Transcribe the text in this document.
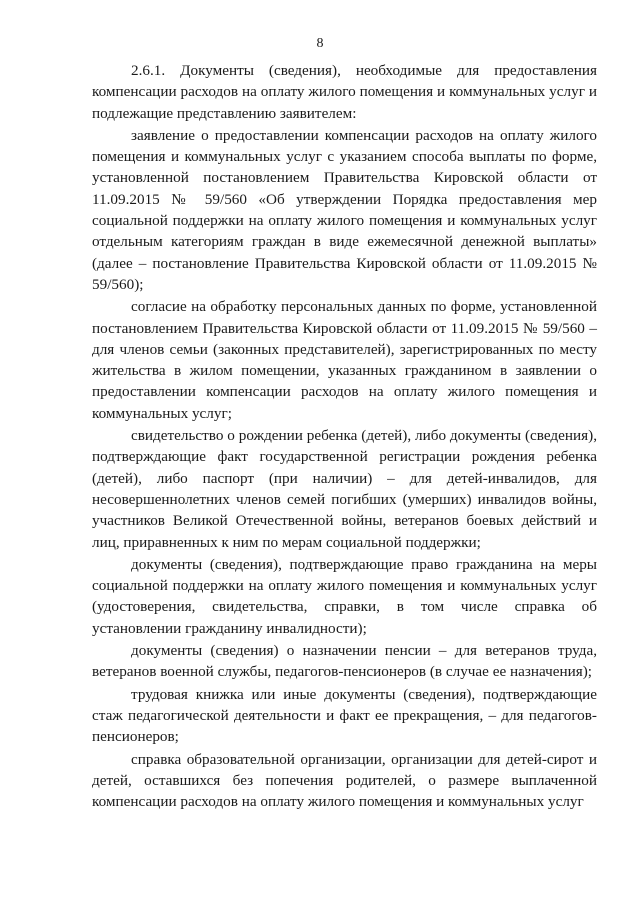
8

2.6.1. Документы (сведения), необходимые для предоставления компенсации расходов на оплату жилого помещения и коммунальных услуг и подлежащие представлению заявителем:

заявление о предоставлении компенсации расходов на оплату жилого помещения и коммунальных услуг с указанием способа выплаты по форме, установленной постановлением Правительства Кировской области от 11.09.2015 № 59/560 «Об утверждении Порядка предоставления мер социальной поддержки на оплату жилого помещения и коммунальных услуг отдельным категориям граждан в виде ежемесячной денежной выплаты» (далее – постановление Правительства Кировской области от 11.09.2015 № 59/560);

согласие на обработку персональных данных по форме, установленной постановлением Правительства Кировской области от 11.09.2015 № 59/560 – для членов семьи (законных представителей), зарегистрированных по месту жительства в жилом помещении, указанных гражданином в заявлении о предоставлении компенсации расходов на оплату жилого помещения и коммунальных услуг;

свидетельство о рождении ребенка (детей), либо документы (сведения), подтверждающие факт государственной регистрации рождения ребенка (детей), либо паспорт (при наличии) – для детей-инвалидов, для несовершеннолетних членов семей погибших (умерших) инвалидов войны, участников Великой Отечественной войны, ветеранов боевых действий и лиц, приравненных к ним по мерам социальной поддержки;

документы (сведения), подтверждающие право гражданина на меры социальной поддержки на оплату жилого помещения и коммунальных услуг (удостоверения, свидетельства, справки, в том числе справка об установлении гражданину инвалидности);

документы (сведения) о назначении пенсии – для ветеранов труда, ветеранов военной службы, педагогов-пенсионеров (в случае ее назначения);

трудовая книжка или иные документы (сведения), подтверждающие стаж педагогической деятельности и факт ее прекращения, – для педагогов-пенсионеров;

справка образовательной организации, организации для детей-сирот и детей, оставшихся без попечения родителей, о размере выплаченной компенсации расходов на оплату жилого помещения и коммунальных услуг
